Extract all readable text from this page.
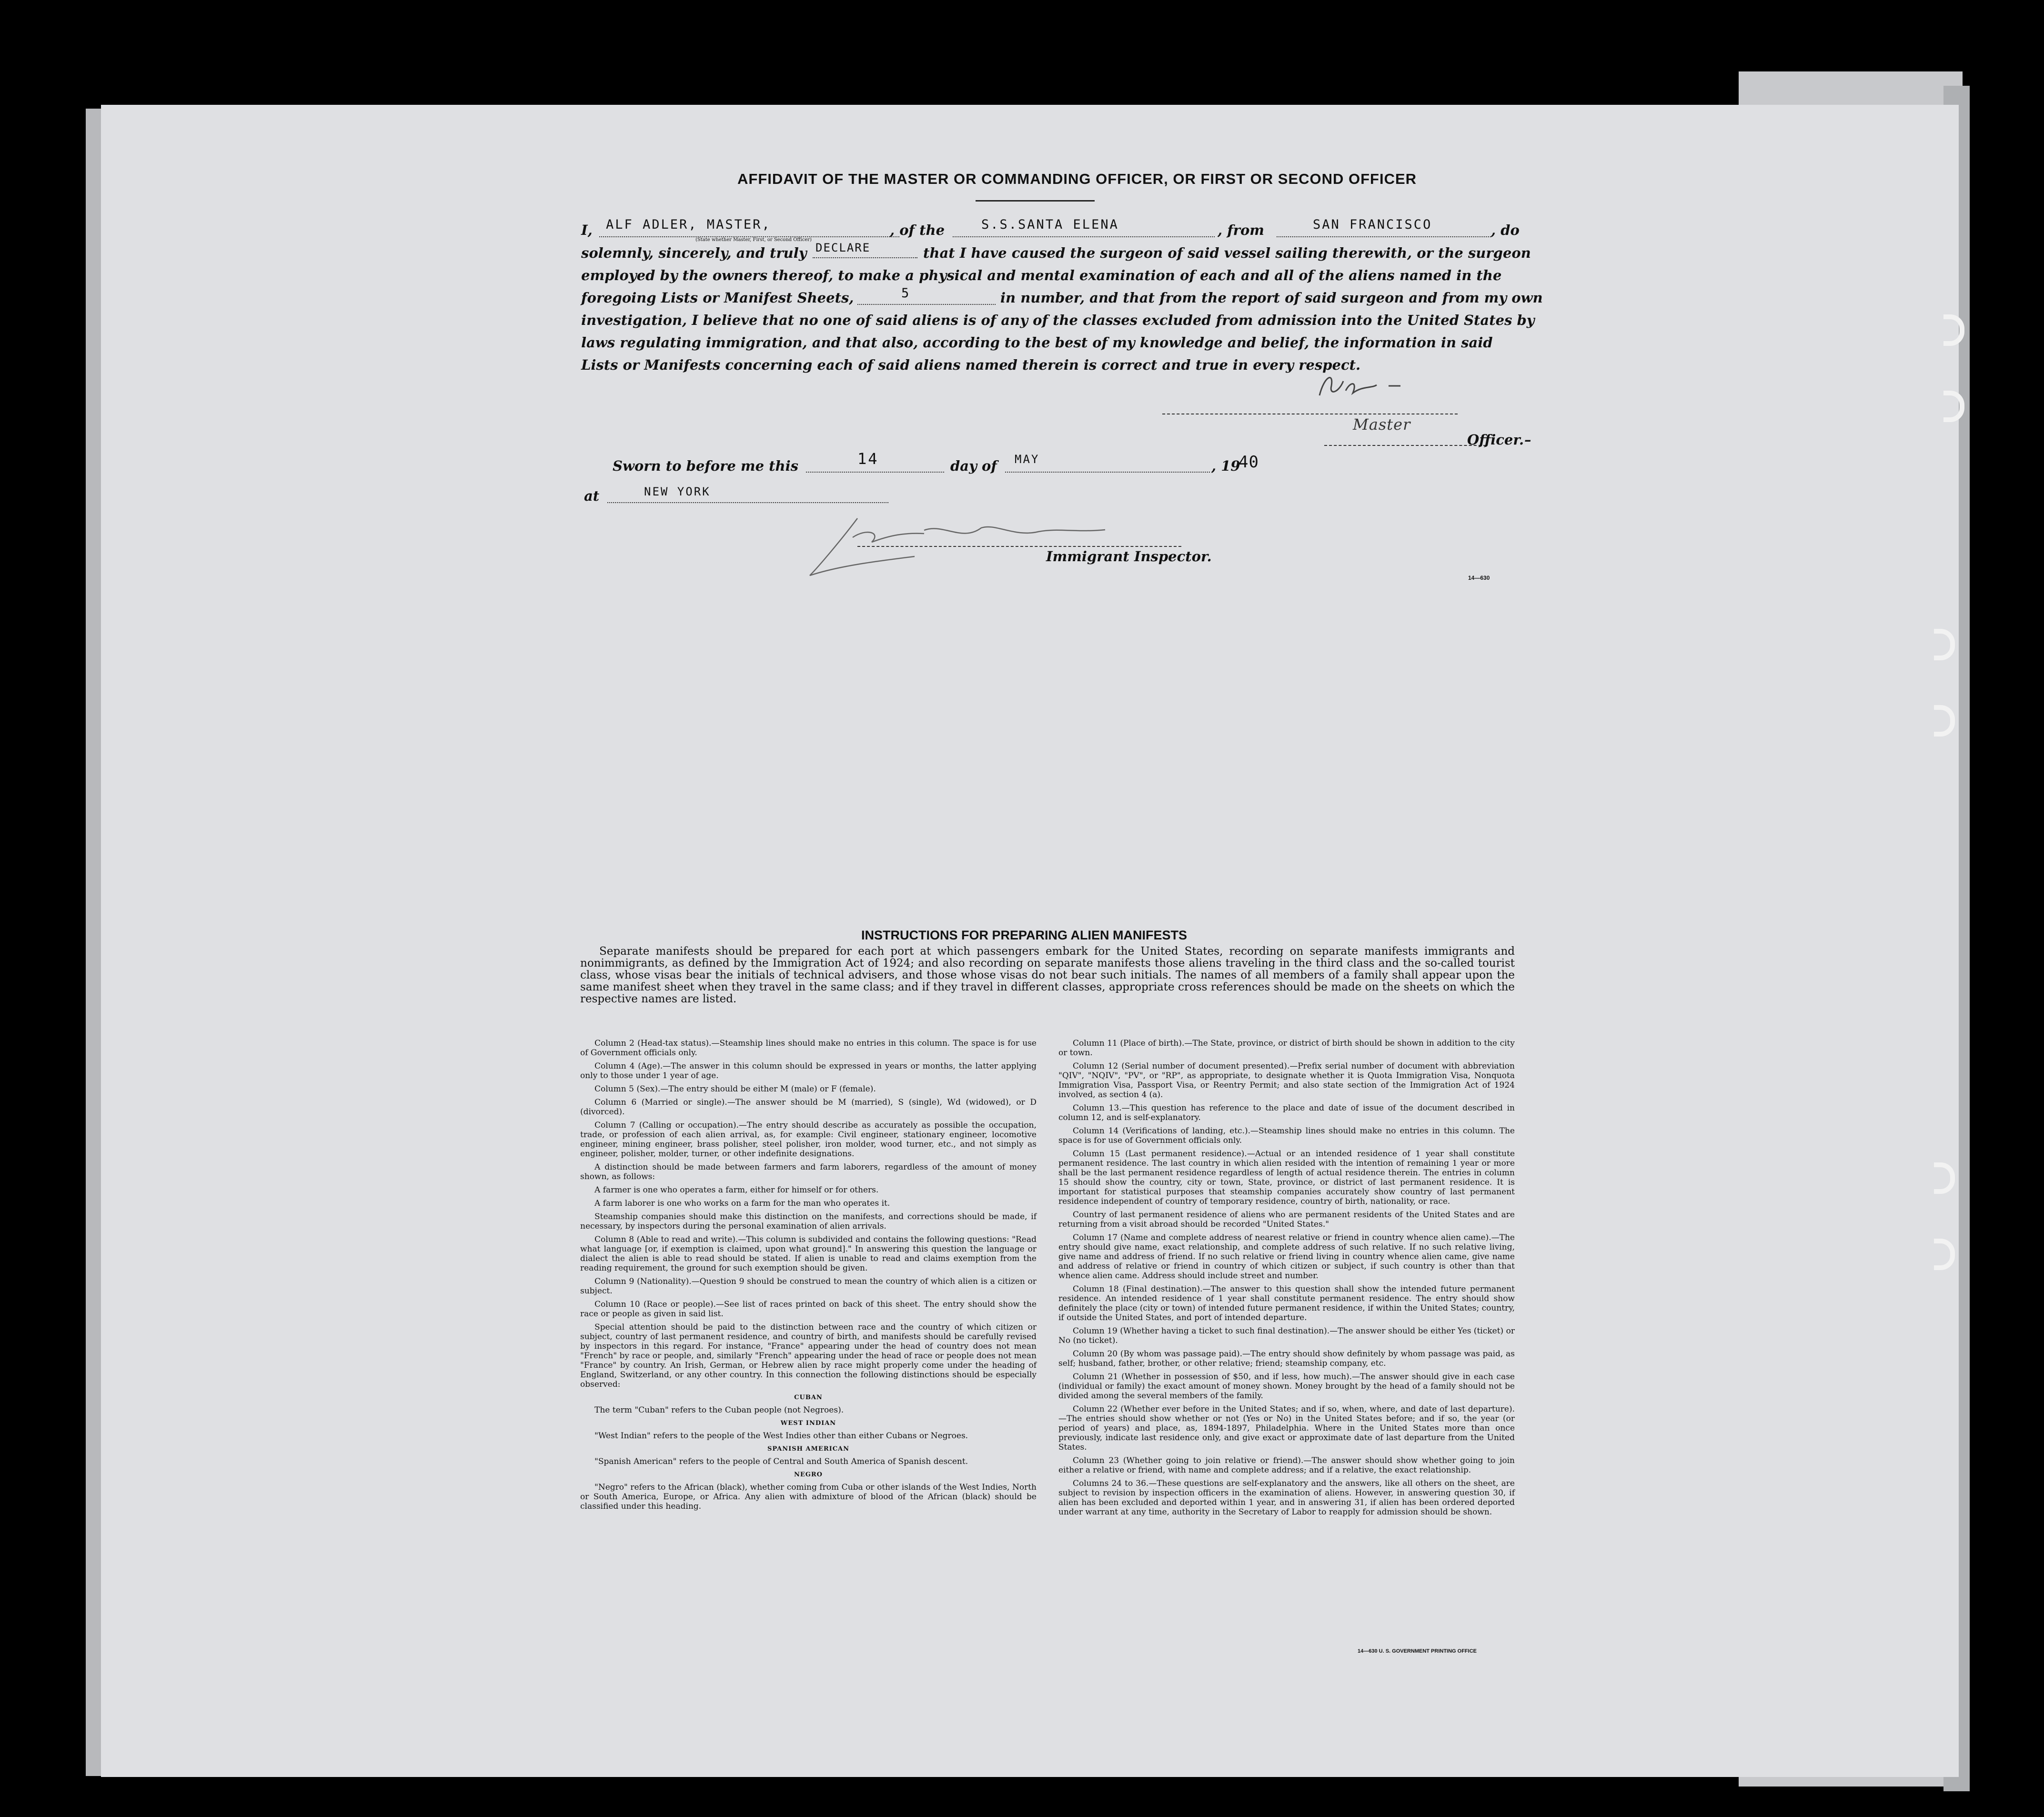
AFFIDAVIT OF THE MASTER OR COMMANDING OFFICER, OR FIRST OR SECOND OFFICER
I,	, of the	, from	, do
ALF ADLER, MASTER,	S.S.SANTA ELENA	SAN FRANCISCO
(State whether Master, First, or Second Officer)
solemnly, sincerely, and truly	that I have caused the surgeon of said vessel sailing therewith, or the surgeon
DECLARE
employed by the owners thereof, to make a physical and mental examination of each and all of the aliens named in the
foregoing Lists or Manifest Sheets,	in number, and that from the report of said surgeon and from my own
5
investigation, I believe that no one of said aliens is of any of the classes excluded from admission into the United States by
laws regulating immigration, and that also, according to the best of my knowledge and belief, the information in said
Lists or Manifests concerning each of said aliens named therein is correct and true in every respect.
Master
Officer. –
Sworn to before me this	day of	, 19
14	MAY	40
at	NEW YORK
Immigrant Inspector.
14—630
INSTRUCTIONS FOR PREPARING ALIEN MANIFESTS
Separate manifests should be prepared for each port at which passengers embark for the United States, recording on separate manifests immigrants and nonimmigrants, as defined by the Immigration Act of 1924; and also recording on separate manifests those aliens traveling in the third class and the so-called tourist class, whose visas bear the initials of technical advisers, and those whose visas do not bear such initials. The names of all members of a family shall appear upon the same manifest sheet when they travel in the same class; and if they travel in different classes, appropriate cross references should be made on the sheets on which the respective names are listed.

Column 2 (Head-tax status).—Steamship lines should make no entries in this column. The space is for use of Government officials only.

Column 4 (Age).—The answer in this column should be expressed in years or months, the latter applying only to those under 1 year of age.

Column 5 (Sex).—The entry should be either M (male) or F (female).

Column 6 (Married or single).—The answer should be M (married), S (single), Wd (widowed), or D (divorced).

Column 7 (Calling or occupation).—The entry should describe as accurately as possible the occupation, trade, or profession of each alien arrival, as, for example: Civil engineer, stationary engineer, locomotive engineer, mining engineer, brass polisher, steel polisher, iron molder, wood turner, etc., and not simply as engineer, polisher, molder, turner, or other indefinite designations.

A distinction should be made between farmers and farm laborers, regardless of the amount of money shown, as follows:

A farmer is one who operates a farm, either for himself or for others.

A farm laborer is one who works on a farm for the man who operates it.

Steamship companies should make this distinction on the manifests, and corrections should be made, if necessary, by inspectors during the personal examination of alien arrivals.

Column 8 (Able to read and write).—This column is subdivided and contains the following questions: "Read what language [or, if exemption is claimed, upon what ground]." In answering this question the language or dialect the alien is able to read should be stated. If alien is unable to read and claims exemption from the reading requirement, the ground for such exemption should be given.

Column 9 (Nationality).—Question 9 should be construed to mean the country of which alien is a citizen or subject.

Column 10 (Race or people).—See list of races printed on back of this sheet. The entry should show the race or people as given in said list.

Special attention should be paid to the distinction between race and the country of which citizen or subject, country of last permanent residence, and country of birth, and manifests should be carefully revised by inspectors in this regard. For instance, "France" appearing under the head of country does not mean "French" by race or people, and, similarly "French" appearing under the head of race or people does not mean "France" by country. An Irish, German, or Hebrew alien by race might properly come under the heading of England, Switzerland, or any other country. In this connection the following distinctions should be especially observed:

CUBAN

The term "Cuban" refers to the Cuban people (not Negroes).

WEST INDIAN

"West Indian" refers to the people of the West Indies other than either Cubans or Negroes.

SPANISH AMERICAN

"Spanish American" refers to the people of Central and South America of Spanish descent.

NEGRO

"Negro" refers to the African (black), whether coming from Cuba or other islands of the West Indies, North or South America, Europe, or Africa. Any alien with admixture of blood of the African (black) should be classified under this heading.

Column 11 (Place of birth).—The State, province, or district of birth should be shown in addition to the city or town.

Column 12 (Serial number of document presented).—Prefix serial number of document with abbreviation "QIV", "NQIV", "PV", or "RP", as appropriate, to designate whether it is Quota Immigration Visa, Nonquota Immigration Visa, Passport Visa, or Reentry Permit; and also state section of the Immigration Act of 1924 involved, as section 4 (a).

Column 13.—This question has reference to the place and date of issue of the document described in column 12, and is self-explanatory.

Column 14 (Verifications of landing, etc.).—Steamship lines should make no entries in this column. The space is for use of Government officials only.

Column 15 (Last permanent residence).—Actual or an intended residence of 1 year shall constitute permanent residence. The last country in which alien resided with the intention of remaining 1 year or more shall be the last permanent residence regardless of length of actual residence therein. The entries in column 15 should show the country, city or town, State, province, or district of last permanent residence. It is important for statistical purposes that steamship companies accurately show country of last permanent residence independent of country of temporary residence, country of birth, nationality, or race.

Country of last permanent residence of aliens who are permanent residents of the United States and are returning from a visit abroad should be recorded "United States."

Column 17 (Name and complete address of nearest relative or friend in country whence alien came).—The entry should give name, exact relationship, and complete address of such relative. If no such relative living, give name and address of friend. If no such relative or friend living in country whence alien came, give name and address of relative or friend in country of which citizen or subject, if such country is other than that whence alien came. Address should include street and number.

Column 18 (Final destination).—The answer to this question shall show the intended future permanent residence. An intended residence of 1 year shall constitute permanent residence. The entry should show definitely the place (city or town) of intended future permanent residence, if within the United States; country, if outside the United States, and port of intended departure.

Column 19 (Whether having a ticket to such final destination).—The answer should be either Yes (ticket) or No (no ticket).

Column 20 (By whom was passage paid).—The entry should show definitely by whom passage was paid, as self; husband, father, brother, or other relative; friend; steamship company, etc.

Column 21 (Whether in possession of $50, and if less, how much).—The answer should give in each case (individual or family) the exact amount of money shown. Money brought by the head of a family should not be divided among the several members of the family.

Column 22 (Whether ever before in the United States; and if so, when, where, and date of last departure).—The entries should show whether or not (Yes or No) in the United States before; and if so, the year (or period of years) and place, as, 1894-1897, Philadelphia. Where in the United States more than once previously, indicate last residence only, and give exact or approximate date of last departure from the United States.

Column 23 (Whether going to join relative or friend).—The answer should show whether going to join either a relative or friend, with name and complete address; and if a relative, the exact relationship.

Columns 24 to 36.—These questions are self-explanatory and the answers, like all others on the sheet, are subject to revision by inspection officers in the examination of aliens. However, in answering question 30, if alien has been excluded and deported within 1 year, and in answering 31, if alien has been ordered deported under warrant at any time, authority in the Secretary of Labor to reapply for admission should be shown.

14—630 U. S. GOVERNMENT PRINTING OFFICE
